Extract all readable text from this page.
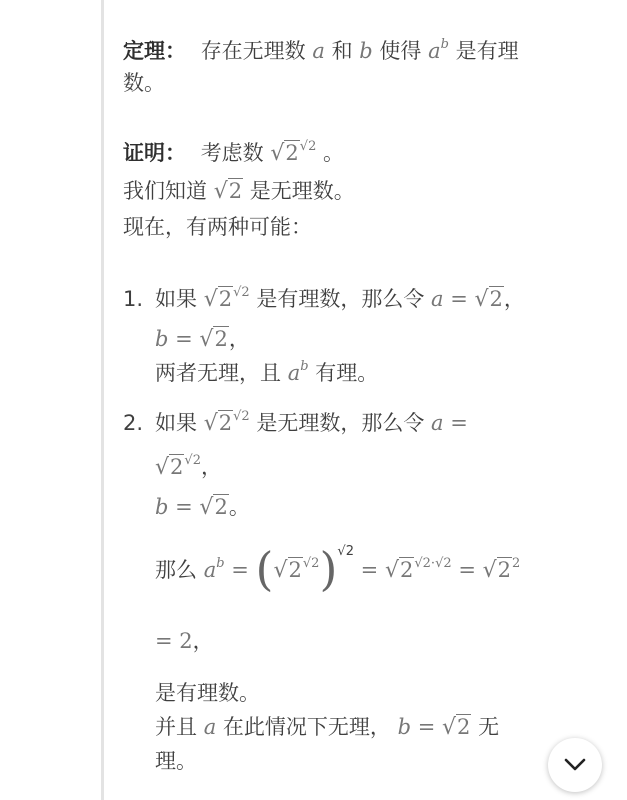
定理： 存在无理数 a 和 b 使得 $a^b$ 是有理
数。
证明： 考虑数 $√2^{√2}$ 。
我们知道 √2 是无理数。
现在，有两种可能：
1. 如果 $√2^{√2}$ 是有理数，那么令 a = √2，
b = √2，
两者无理，且 $a^b$ 有理。
2. 如果 $√2^{√2}$ 是无理数，那么令 a =
$√2^{√2}$，
b = √2。
那么 $a^b = (√2^{√2})^{√2} = √2^{√2\cdot√2} = √2^2$
= 2，
是有理数。
并且 a 在此情况下无理， b = √2 无
理。
